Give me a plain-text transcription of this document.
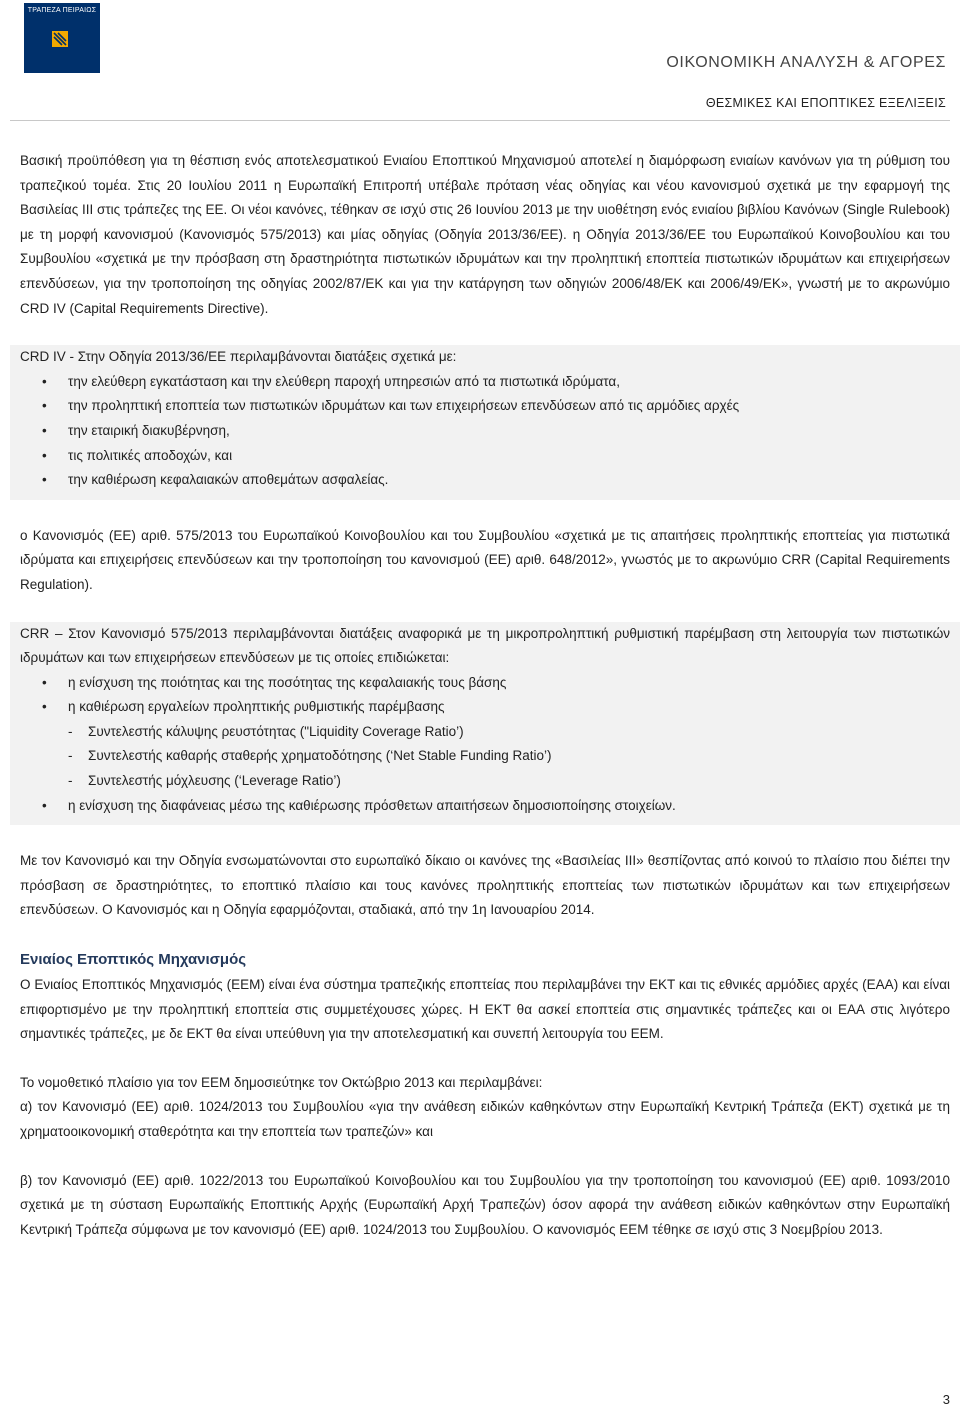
ΤΡΑΠΕΖΑ ΠΕΙΡΑΙΩΣ
ΟΙΚΟΝΟΜΙΚΗ ΑΝΑΛΥΣΗ & ΑΓΟΡΕΣ
ΘΕΣΜΙΚΕΣ ΚΑΙ ΕΠΟΠΤΙΚΕΣ ΕΞΕΛΙΞΕΙΣ

Βασική προϋπόθεση για τη θέσπιση ενός αποτελεσματικού Ενιαίου Εποπτικού Μηχανισμού αποτελεί η διαμόρφωση ενιαίων κανόνων για τη ρύθμιση του τραπεζικού τομέα. Στις 20 Ιουλίου 2011 η Ευρωπαϊκή Επιτροπή υπέβαλε πρόταση νέας οδηγίας και νέου κανονισμού σχετικά με την εφαρμογή της Βασιλείας ΙΙΙ στις τράπεζες της ΕΕ. Οι νέοι κανόνες, τέθηκαν σε ισχύ στις 26 Ιουνίου 2013 με την υιοθέτηση ενός ενιαίου βιβλίου Κανόνων (Single Rulebook) με τη μορφή κανονισμού (Κανονισμός 575/2013) και μίας οδηγίας (Οδηγία 2013/36/ΕΕ). η Οδηγία 2013/36/ΕΕ του Ευρωπαϊκού Κοινοβουλίου και του Συμβουλίου «σχετικά με την πρόσβαση στη δραστηριότητα πιστωτικών ιδρυμάτων και την προληπτική εποπτεία πιστωτικών ιδρυμάτων και επιχειρήσεων επενδύσεων, για την τροποποίηση της οδηγίας 2002/87/ΕΚ και για την κατάργηση των οδηγιών 2006/48/ΕΚ και 2006/49/ΕΚ», γνωστή με το ακρωνύμιο CRD IV (Capital Requirements Directive).

CRD IV - Στην Οδηγία 2013/36/ΕΕ περιλαμβάνονται διατάξεις σχετικά με:

• την ελεύθερη εγκατάσταση και την ελεύθερη παροχή υπηρεσιών από τα πιστωτικά ιδρύματα,
• την προληπτική εποπτεία των πιστωτικών ιδρυμάτων και των επιχειρήσεων επενδύσεων από τις αρμόδιες αρχές
• την εταιρική διακυβέρνηση,
• τις πολιτικές αποδοχών, και
• την καθιέρωση κεφαλαιακών αποθεμάτων ασφαλείας.

ο Κανονισμός (ΕΕ) αριθ. 575/2013 του Ευρωπαϊκού Κοινοβουλίου και του Συμβουλίου «σχετικά με τις απαιτήσεις προληπτικής εποπτείας για πιστωτικά ιδρύματα και επιχειρήσεις επενδύσεων και την τροποποίηση του κανονισμού (ΕΕ) αριθ. 648/2012», γνωστός με το ακρωνύμιο CRR (Capital Requirements Regulation).

CRR – Στον Κανονισμό 575/2013 περιλαμβάνονται διατάξεις αναφορικά με τη μικροπροληπτική ρυθμιστική παρέμβαση στη λειτουργία των πιστωτικών ιδρυμάτων και των επιχειρήσεων επενδύσεων με τις οποίες επιδιώκεται:

• η ενίσχυση της ποιότητας και της ποσότητας της κεφαλαιακής τους βάσης
• η καθιέρωση εργαλείων προληπτικής ρυθμιστικής παρέμβασης
- Συντελεστής κάλυψης ρευστότητας ("Liquidity Coverage Ratio’)
- Συντελεστής καθαρής σταθερής χρηματοδότησης (‘Net Stable Funding Ratio’)
- Συντελεστής μόχλευσης (‘Leverage Ratio’)
• η ενίσχυση της διαφάνειας μέσω της καθιέρωσης πρόσθετων απαιτήσεων δημοσιοποίησης στοιχείων.

Με τον Κανονισμό και την Οδηγία ενσωματώνονται στο ευρωπαϊκό δίκαιο οι κανόνες της «Βασιλείας ΙΙΙ» θεσπίζοντας από κοινού το πλαίσιο που διέπει την πρόσβαση σε δραστηριότητες, το εποπτικό πλαίσιο και τους κανόνες προληπτικής εποπτείας των πιστωτικών ιδρυμάτων και των επιχειρήσεων επενδύσεων. Ο Κανονισμός και η Οδηγία εφαρμόζονται, σταδιακά, από την 1η Ιανουαρίου 2014.

Ενιαίος Εποπτικός Μηχανισμός

Ο Ενιαίος Εποπτικός Μηχανισμός (ΕΕΜ) είναι ένα σύστημα τραπεζικής εποπτείας που περιλαμβάνει την ΕΚΤ και τις εθνικές αρμόδιες αρχές (ΕΑΑ) και είναι επιφορτισμένο με την προληπτική εποπτεία στις συμμετέχουσες χώρες. Η ΕΚΤ θα ασκεί εποπτεία στις σημαντικές τράπεζες και οι ΕΑΑ στις λιγότερο σημαντικές τράπεζες, με δε ΕΚΤ θα είναι υπεύθυνη για την αποτελεσματική και συνεπή λειτουργία του ΕΕΜ.

Το νομοθετικό πλαίσιο για τον ΕΕΜ δημοσιεύτηκε τον Οκτώβριο 2013 και περιλαμβάνει:

α) τον Κανονισμό (ΕΕ) αριθ. 1024/2013 του Συμβουλίου «για την ανάθεση ειδικών καθηκόντων στην Ευρωπαϊκή Κεντρική Τράπεζα (ΕΚΤ) σχετικά με τη χρηματοοικονομική σταθερότητα και την εποπτεία των τραπεζών» και

β) τον Κανονισμό (ΕΕ) αριθ. 1022/2013 του Ευρωπαϊκού Κοινοβουλίου και του Συμβουλίου για την τροποποίηση του κανονισμού (ΕΕ) αριθ. 1093/2010 σχετικά με τη σύσταση Ευρωπαϊκής Εποπτικής Αρχής (Ευρωπαϊκή Αρχή Τραπεζών) όσον αφορά την ανάθεση ειδικών καθηκόντων στην Ευρωπαϊκή Κεντρική Τράπεζα σύμφωνα με τον κανονισμό (ΕΕ) αριθ. 1024/2013 του Συμβουλίου. Ο κανονισμός ΕΕΜ τέθηκε σε ισχύ στις 3 Νοεμβρίου 2013.

3
